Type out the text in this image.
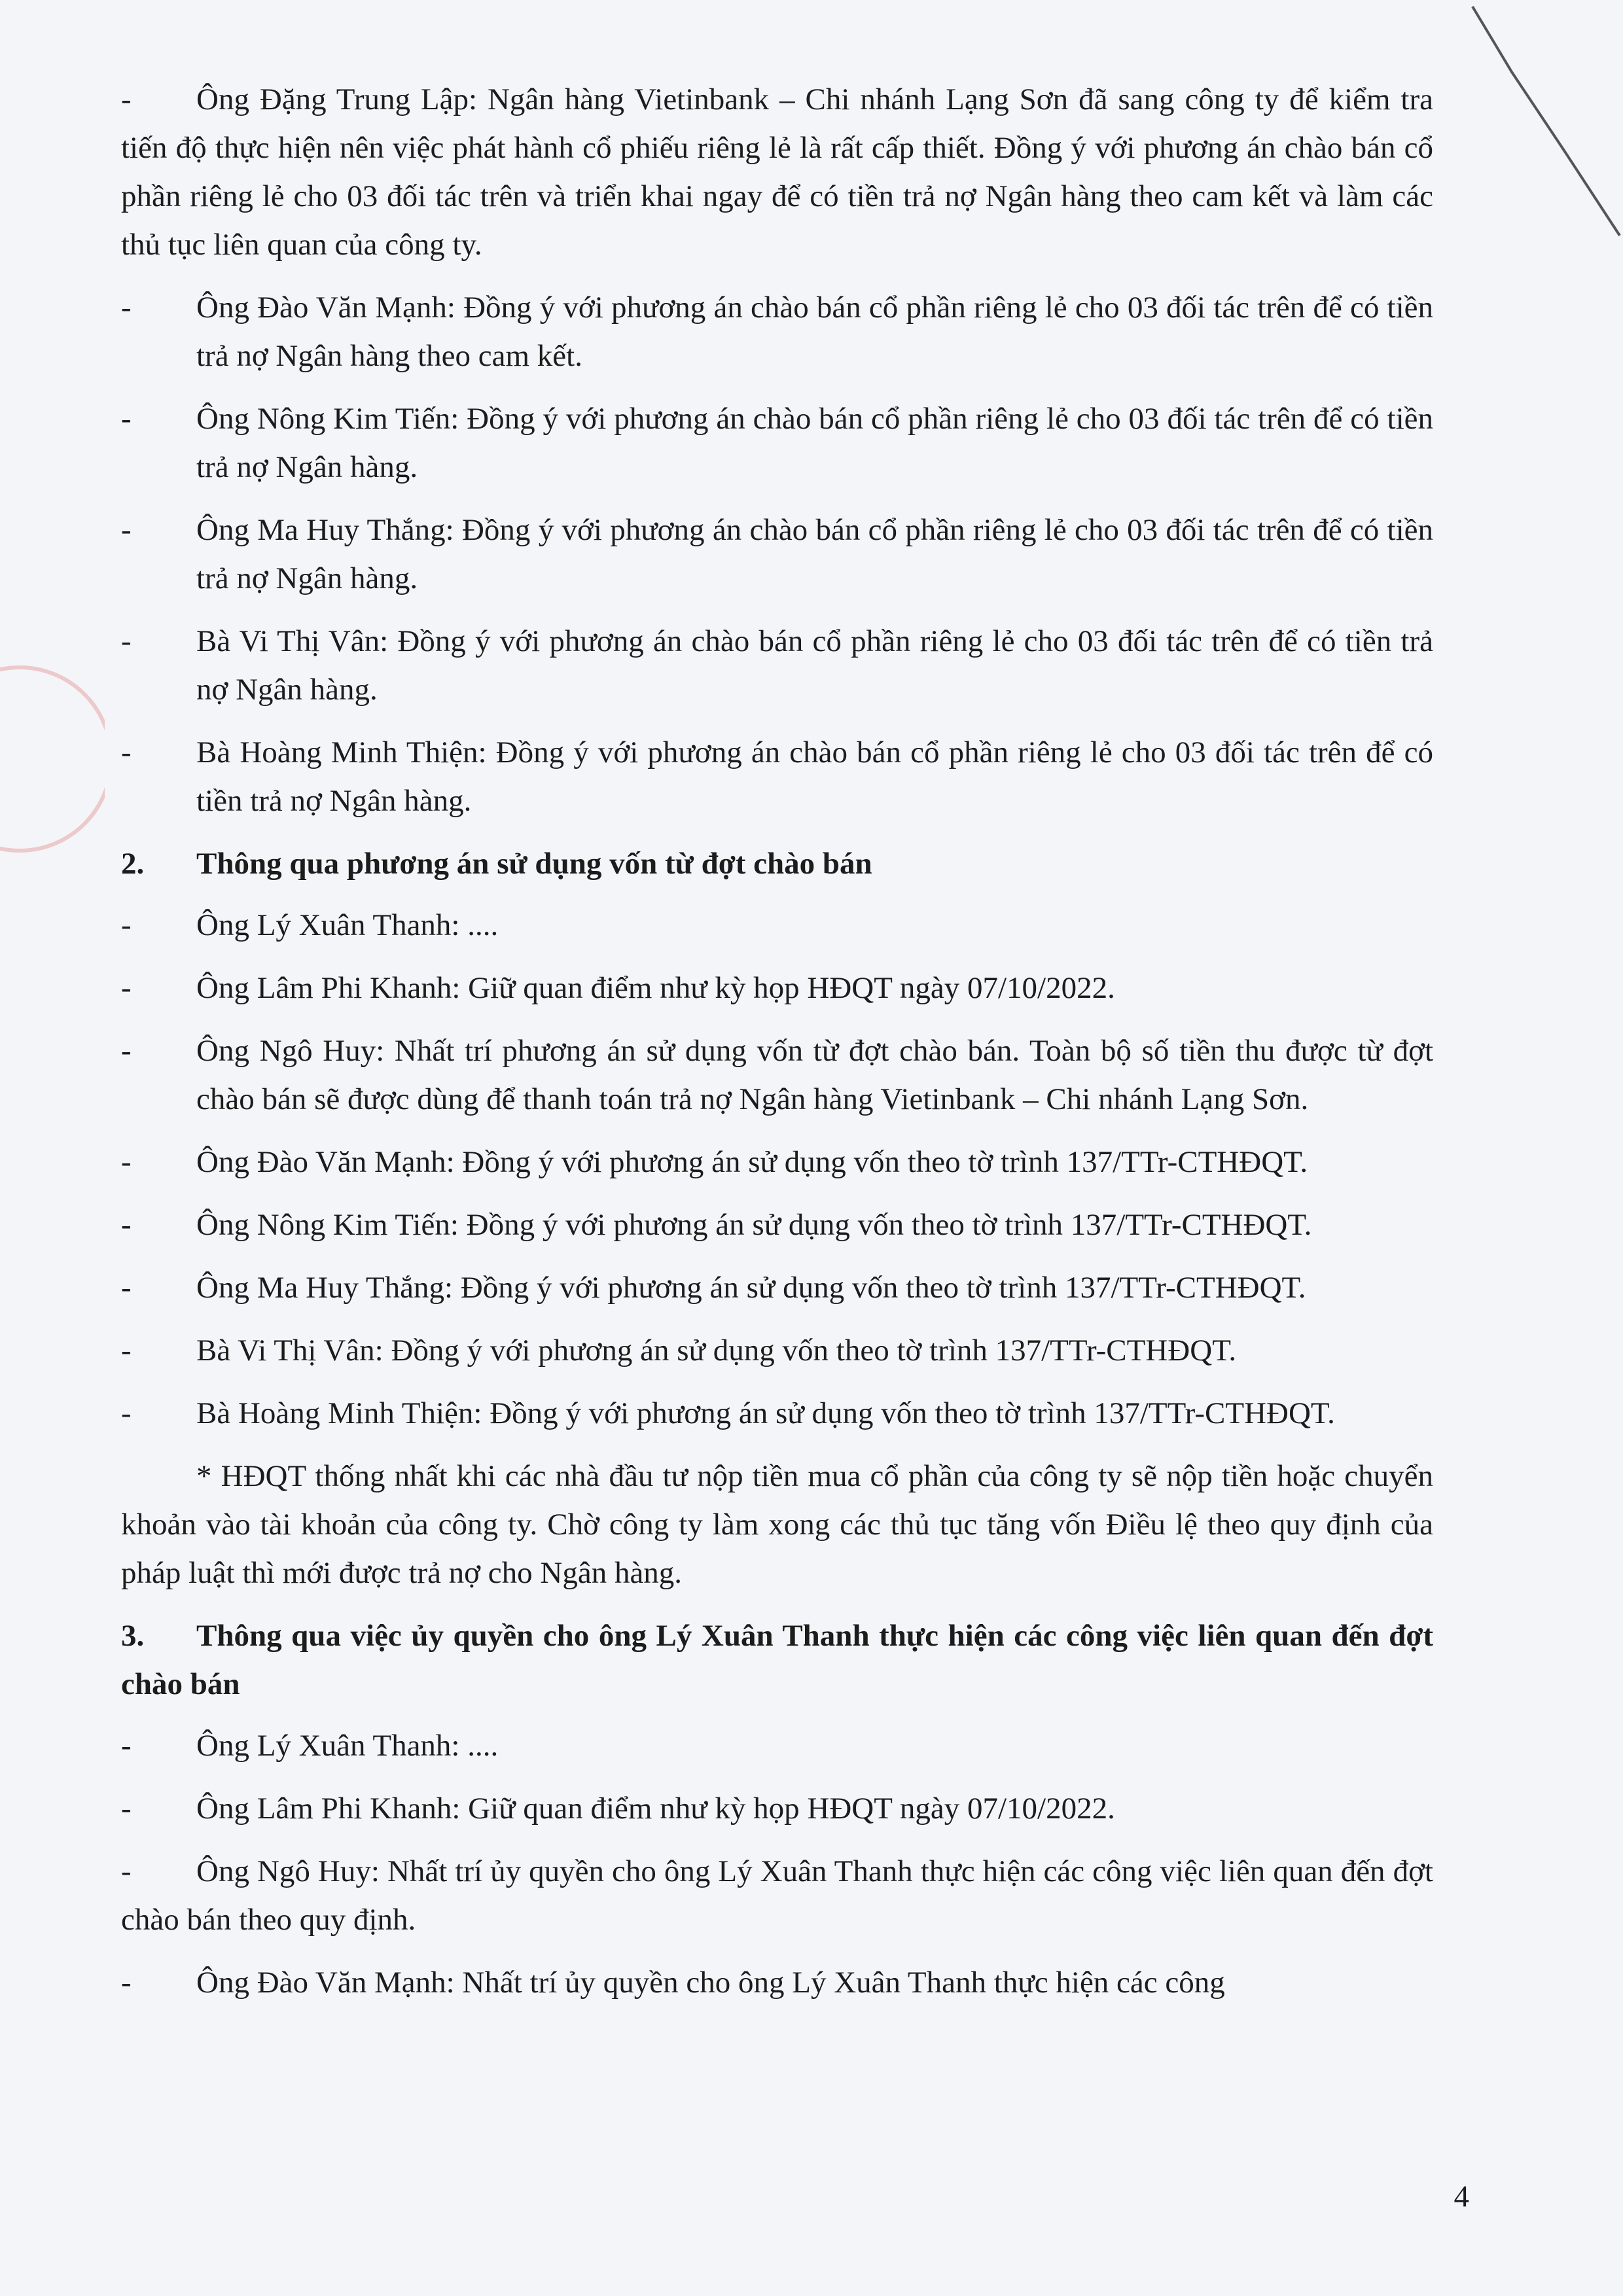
- Ông Đặng Trung Lập: Ngân hàng Vietinbank – Chi nhánh Lạng Sơn đã sang công ty để kiểm tra tiến độ thực hiện nên việc phát hành cổ phiếu riêng lẻ là rất cấp thiết. Đồng ý với phương án chào bán cổ phần riêng lẻ cho 03 đối tác trên và triển khai ngay để có tiền trả nợ Ngân hàng theo cam kết và làm các thủ tục liên quan của công ty.
- Ông Đào Văn Mạnh: Đồng ý với phương án chào bán cổ phần riêng lẻ cho 03 đối tác trên để có tiền trả nợ Ngân hàng theo cam kết.
- Ông Nông Kim Tiến: Đồng ý với phương án chào bán cổ phần riêng lẻ cho 03 đối tác trên để có tiền trả nợ Ngân hàng.
- Ông Ma Huy Thắng: Đồng ý với phương án chào bán cổ phần riêng lẻ cho 03 đối tác trên để có tiền trả nợ Ngân hàng.
- Bà Vi Thị Vân: Đồng ý với phương án chào bán cổ phần riêng lẻ cho 03 đối tác trên để có tiền trả nợ Ngân hàng.
- Bà Hoàng Minh Thiện: Đồng ý với phương án chào bán cổ phần riêng lẻ cho 03 đối tác trên để có tiền trả nợ Ngân hàng.
2. Thông qua phương án sử dụng vốn từ đợt chào bán
- Ông Lý Xuân Thanh: ....
- Ông Lâm Phi Khanh: Giữ quan điểm như kỳ họp HĐQT ngày 07/10/2022.
- Ông Ngô Huy: Nhất trí phương án sử dụng vốn từ đợt chào bán. Toàn bộ số tiền thu được từ đợt chào bán sẽ được dùng để thanh toán trả nợ Ngân hàng Vietinbank – Chi nhánh Lạng Sơn.
- Ông Đào Văn Mạnh: Đồng ý với phương án sử dụng vốn theo tờ trình 137/TTr-CTHĐQT.
- Ông Nông Kim Tiến: Đồng ý với phương án sử dụng vốn theo tờ trình 137/TTr-CTHĐQT.
- Ông Ma Huy Thắng: Đồng ý với phương án sử dụng vốn theo tờ trình 137/TTr-CTHĐQT.
- Bà Vi Thị Vân: Đồng ý với phương án sử dụng vốn theo tờ trình 137/TTr-CTHĐQT.
- Bà Hoàng Minh Thiện: Đồng ý với phương án sử dụng vốn theo tờ trình 137/TTr-CTHĐQT.
* HĐQT thống nhất khi các nhà đầu tư nộp tiền mua cổ phần của công ty sẽ nộp tiền hoặc chuyển khoản vào tài khoản của công ty. Chờ công ty làm xong các thủ tục tăng vốn Điều lệ theo quy định của pháp luật thì mới được trả nợ cho Ngân hàng.
3. Thông qua việc ủy quyền cho ông Lý Xuân Thanh thực hiện các công việc liên quan đến đợt chào bán
- Ông Lý Xuân Thanh: ....
- Ông Lâm Phi Khanh: Giữ quan điểm như kỳ họp HĐQT ngày 07/10/2022.
- Ông Ngô Huy: Nhất trí ủy quyền cho ông Lý Xuân Thanh thực hiện các công việc liên quan đến đợt chào bán theo quy định.
- Ông Đào Văn Mạnh: Nhất trí ủy quyền cho ông Lý Xuân Thanh thực hiện các công
4
